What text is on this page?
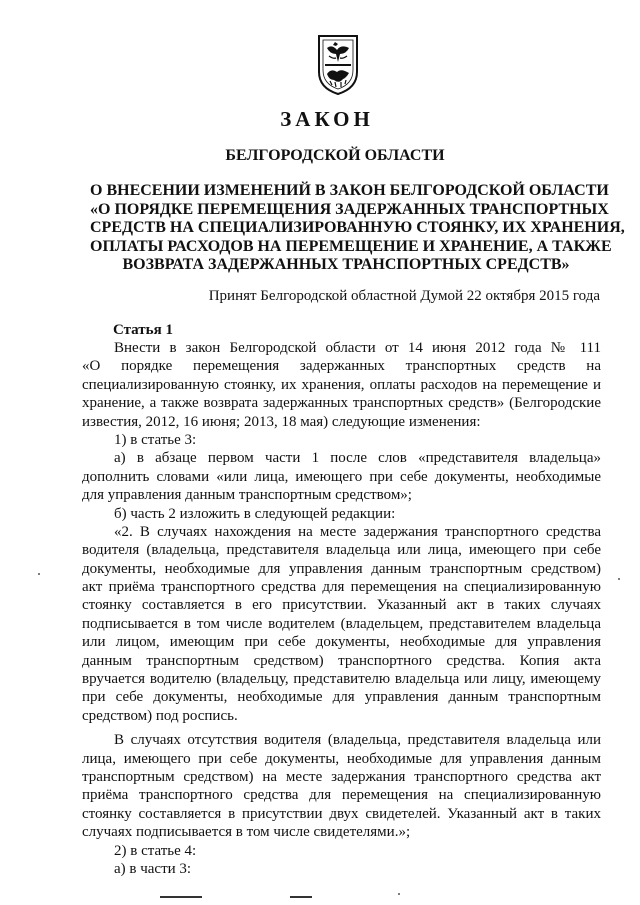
ЗАКОН
БЕЛГОРОДСКОЙ ОБЛАСТИ
О ВНЕСЕНИИ ИЗМЕНЕНИЙ В ЗАКОН БЕЛГОРОДСКОЙ ОБЛАСТИ
«О ПОРЯДКЕ ПЕРЕМЕЩЕНИЯ ЗАДЕРЖАННЫХ ТРАНСПОРТНЫХ
СРЕДСТВ НА СПЕЦИАЛИЗИРОВАННУЮ СТОЯНКУ, ИХ ХРАНЕНИЯ,
ОПЛАТЫ РАСХОДОВ НА ПЕРЕМЕЩЕНИЕ И ХРАНЕНИЕ, А ТАКЖЕ
ВОЗВРАТА ЗАДЕРЖАННЫХ ТРАНСПОРТНЫХ СРЕДСТВ»
Принят Белгородской областной Думой 22 октября 2015 года
Статья 1
Внести в закон Белгородской области от 14 июня 2012 года № 111
«О порядке перемещения задержанных транспортных средств на
специализированную стоянку, их хранения, оплаты расходов на перемещение и
хранение, а также возврата задержанных транспортных средств» (Белгородские
известия, 2012, 16 июня; 2013, 18 мая) следующие изменения:
1) в статье 3:
а) в абзаце первом части 1 после слов «представителя владельца»
дополнить словами «или лица, имеющего при себе документы, необходимые
для управления данным транспортным средством»;
б) часть 2 изложить в следующей редакции:
«2. В случаях нахождения на месте задержания транспортного средства
водителя (владельца, представителя владельца или лица, имеющего при себе
документы, необходимые для управления данным транспортным средством)
акт приёма транспортного средства для перемещения на специализированную
стоянку составляется в его присутствии. Указанный акт в таких случаях
подписывается в том числе водителем (владельцем, представителем владельца
или лицом, имеющим при себе документы, необходимые для управления
данным транспортным средством) транспортного средства. Копия акта
вручается водителю (владельцу, представителю владельца или лицу, имеющему
при себе документы, необходимые для управления данным транспортным
средством) под роспись.
В случаях отсутствия водителя (владельца, представителя владельца или
лица, имеющего при себе документы, необходимые для управления данным
транспортным средством) на месте задержания транспортного средства акт
приёма транспортного средства для перемещения на специализированную
стоянку составляется в присутствии двух свидетелей. Указанный акт в таких
случаях подписывается в том числе свидетелями.»;
2) в статье 4:
а) в части 3:
